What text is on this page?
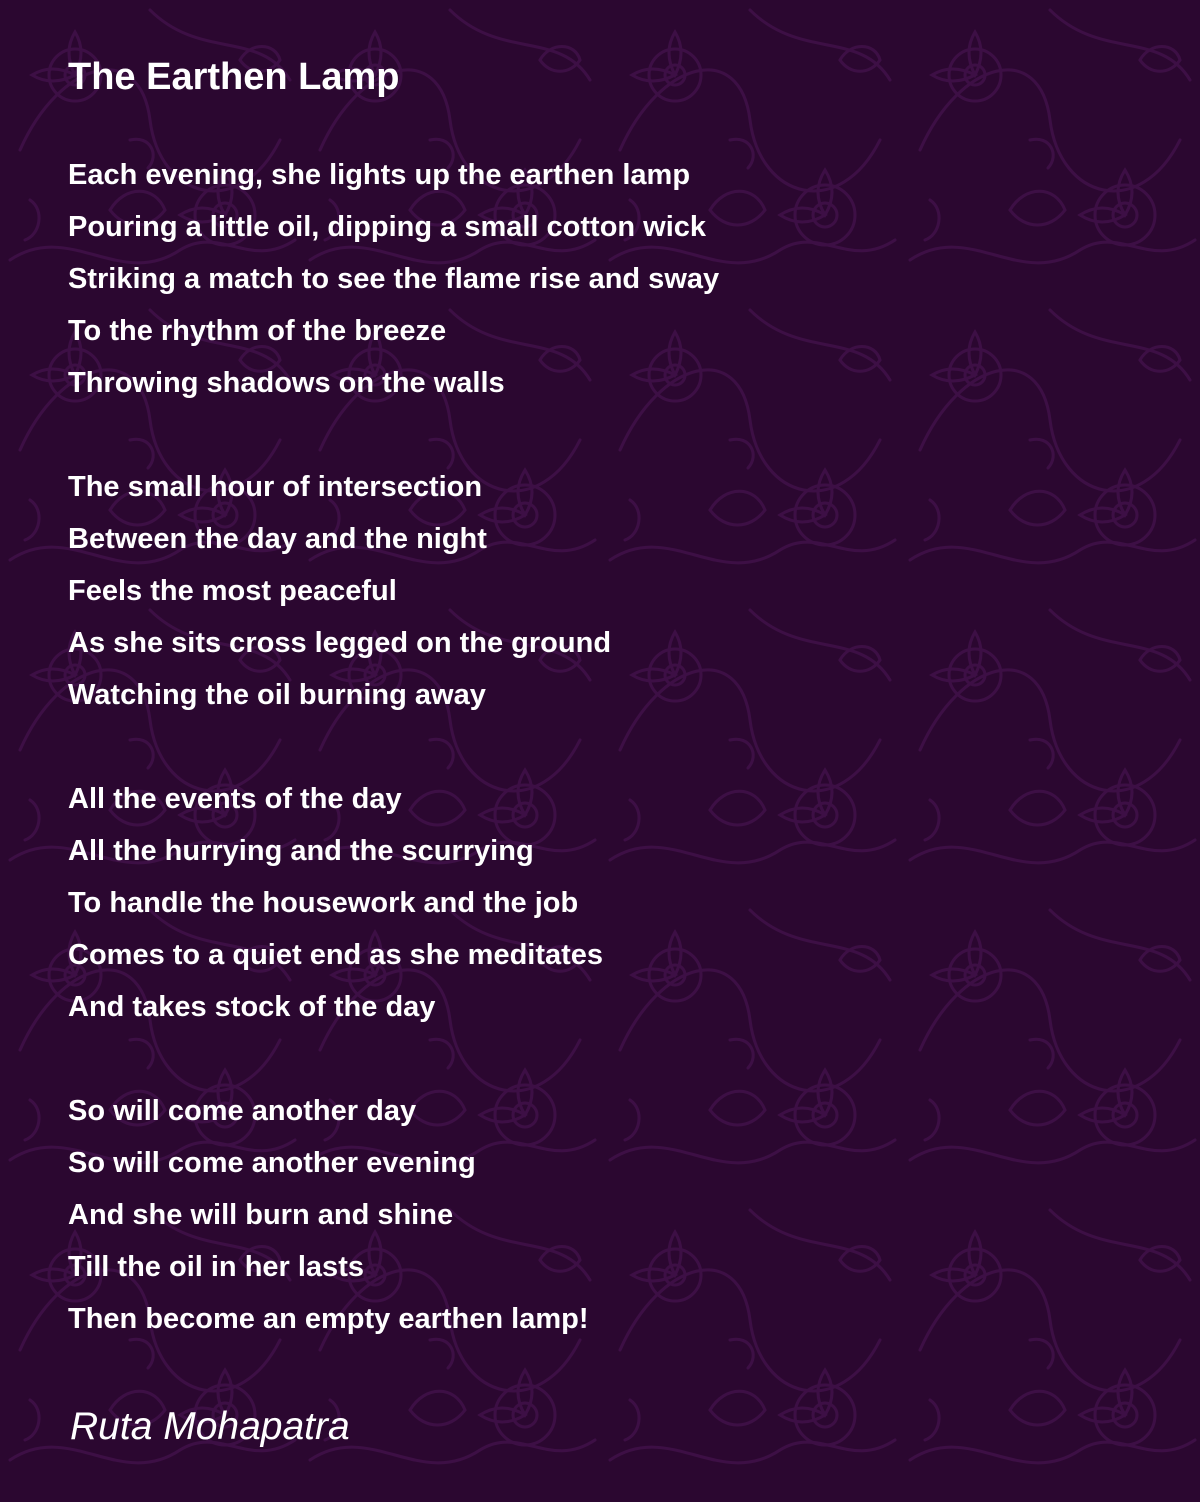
The Earthen Lamp
Each evening, she lights up the earthen lamp
Pouring a little oil, dipping a small cotton wick
Striking a match to see the flame rise and sway
To the rhythm of the breeze
Throwing shadows on the walls
The small hour of intersection
Between the day and the night
Feels the most peaceful
As she sits cross legged on the ground
Watching the oil burning away
All the events of the day
All the hurrying and the scurrying
To handle the housework and the job
Comes to a quiet end as she meditates
And takes stock of the day
So will come another day
So will come another evening
And she will burn and shine
Till the oil in her lasts
Then become an empty earthen lamp!

Ruta Mohapatra
